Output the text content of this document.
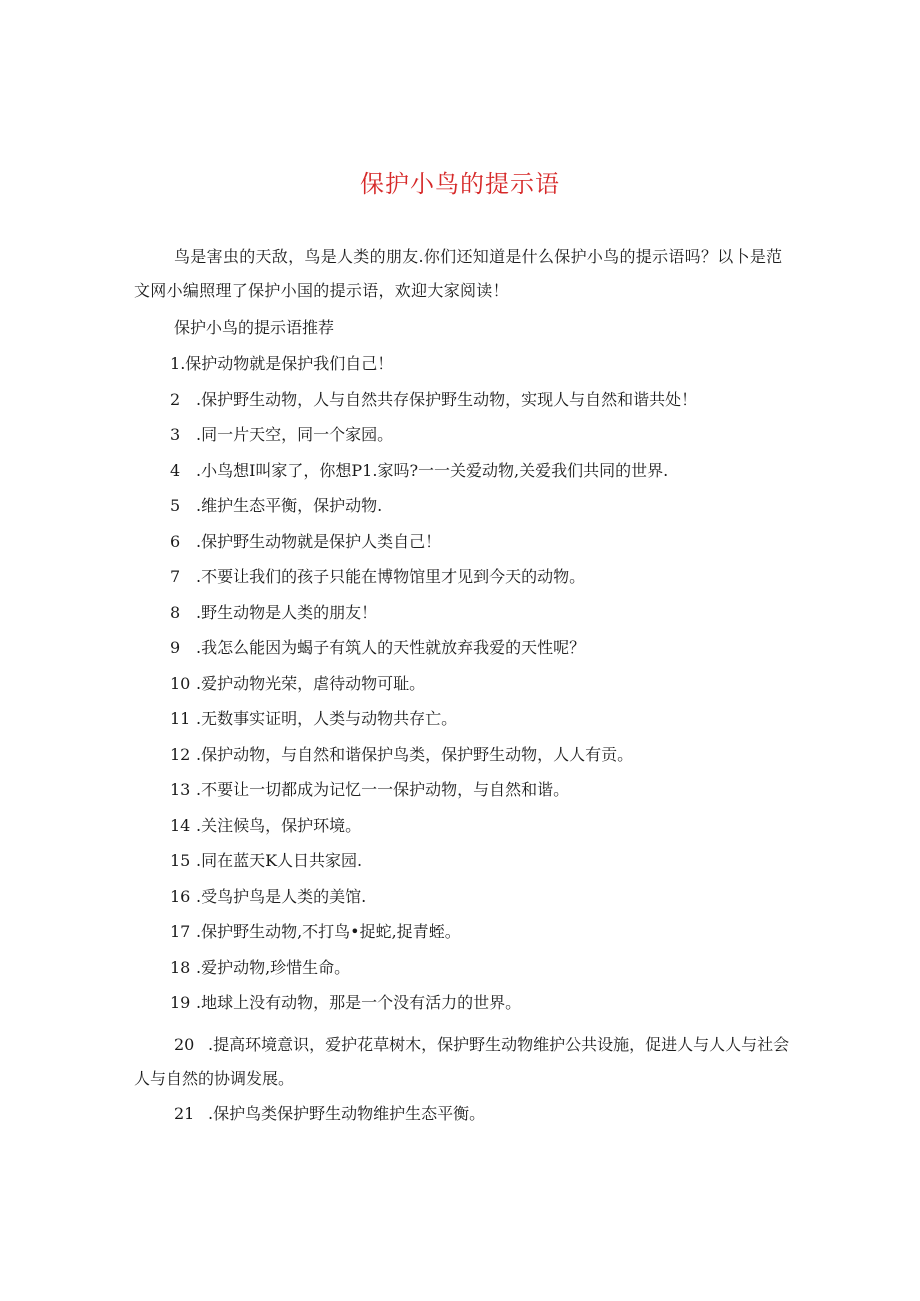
保护小鸟的提示语
鸟是害虫的天敌，鸟是人类的朋友.你们还知道是什么保护小鸟的提示语吗？以卜是范文网小编照理了保护小国的提示语，欢迎大家阅读！
保护小鸟的提示语推荐
1.保护动物就是保护我们自己！
2 .保护野生动物，人与自然共存保护野生动物，实现人与自然和谐共处！
3 .同一片天空，同一个家园。
4 .小鸟想I叫家了，你想P1.家吗?一一关爱动物,关爱我们共同的世界.
5 .维护生态平衡，保护动物.
6 .保护野生动物就是保护人类自己！
7 .不要让我们的孩子只能在博物馆里才见到今天的动物。
8 .野生动物是人类的朋友！
9 .我怎么能因为蝎子有筑人的天性就放弃我爱的天性呢？
10 .爱护动物光荣，虐待动物可耻。
11 .无数事实证明，人类与动物共存亡。
12 .保护动物，与自然和谐保护鸟类，保护野生动物，人人有贡。
13 .不要让一切都成为记忆一一保护动物，与自然和谐。
14 .关注候鸟，保护环境。
15 .同在蓝天K人日共家园.
16 .受鸟护鸟是人类的美馆.
17 .保护野生动物,不打鸟•捉蛇,捉青蛭。
18 .爱护动物,珍惜生命。
19 .地球上没有动物，那是一个没有活力的世界。
20 .提高环境意识，爱护花草树木，保护野生动物维护公共设施，促进人与人人与社会人与自然的协调发展。
21 .保护鸟类保护野生动物维护生态平衡。
